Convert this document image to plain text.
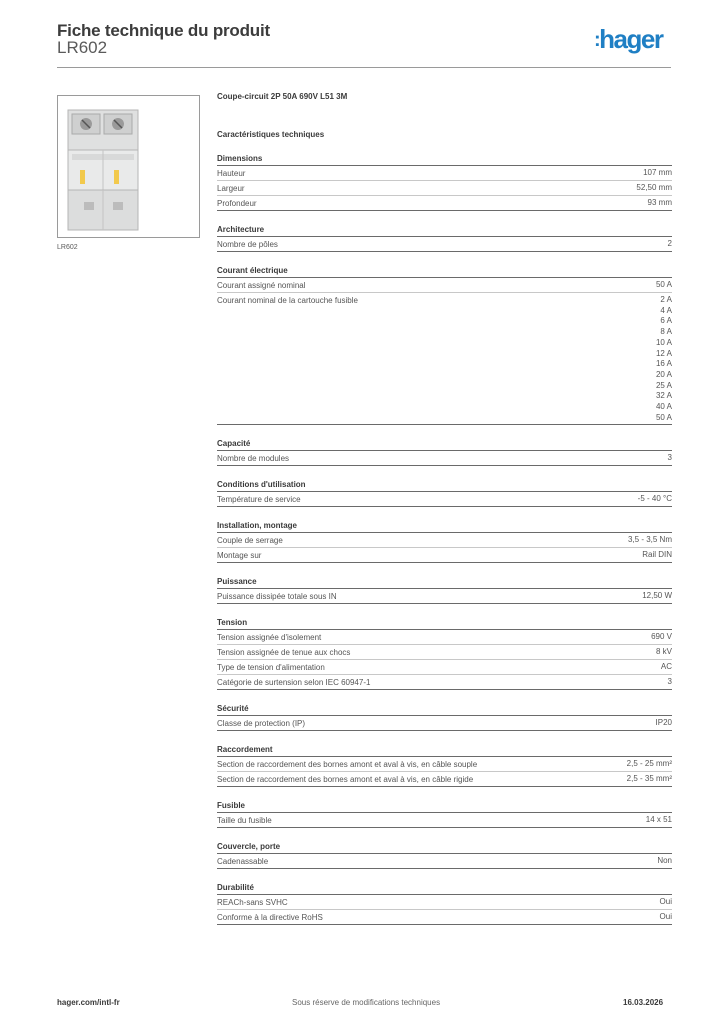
Fiche technique du produit
LR602	:hager
LR602
Coupe-circuit 2P 50A 690V L51 3M
Caractéristiques techniques
Dimensions
Hauteur	107 mm
Largeur	52,50 mm
Profondeur	93 mm
Architecture
Nombre de pôles	2
Courant électrique
Courant assigné nominal	50 A
Courant nominal de la cartouche fusible	2 A
4 A
6 A
8 A
10 A
12 A
16 A
20 A
25 A
32 A
40 A
50 A
Capacité
Nombre de modules	3
Conditions d'utilisation
Température de service	-5 - 40 °C
Installation, montage
Couple de serrage	3,5 - 3,5 Nm
Montage sur	Rail DIN
Puissance
Puissance dissipée totale sous IN	12,50 W
Tension
Tension assignée d'isolement	690 V
Tension assignée de tenue aux chocs	8 kV
Type de tension d'alimentation	AC
Catégorie de surtension selon IEC 60947-1	3
Sécurité
Classe de protection (IP)	IP20
Raccordement
Section de raccordement des bornes amont et aval à vis, en câble souple	2,5 - 25 mm²
Section de raccordement des bornes amont et aval à vis, en câble rigide	2,5 - 35 mm²
Fusible
Taille du fusible	14 x 51
Couvercle, porte
Cadenassable	Non
Durabilité
REACh-sans SVHC	Oui
Conforme à la directive RoHS	Oui
hager.com/intl-fr	Sous réserve de modifications techniques	16.03.2026
